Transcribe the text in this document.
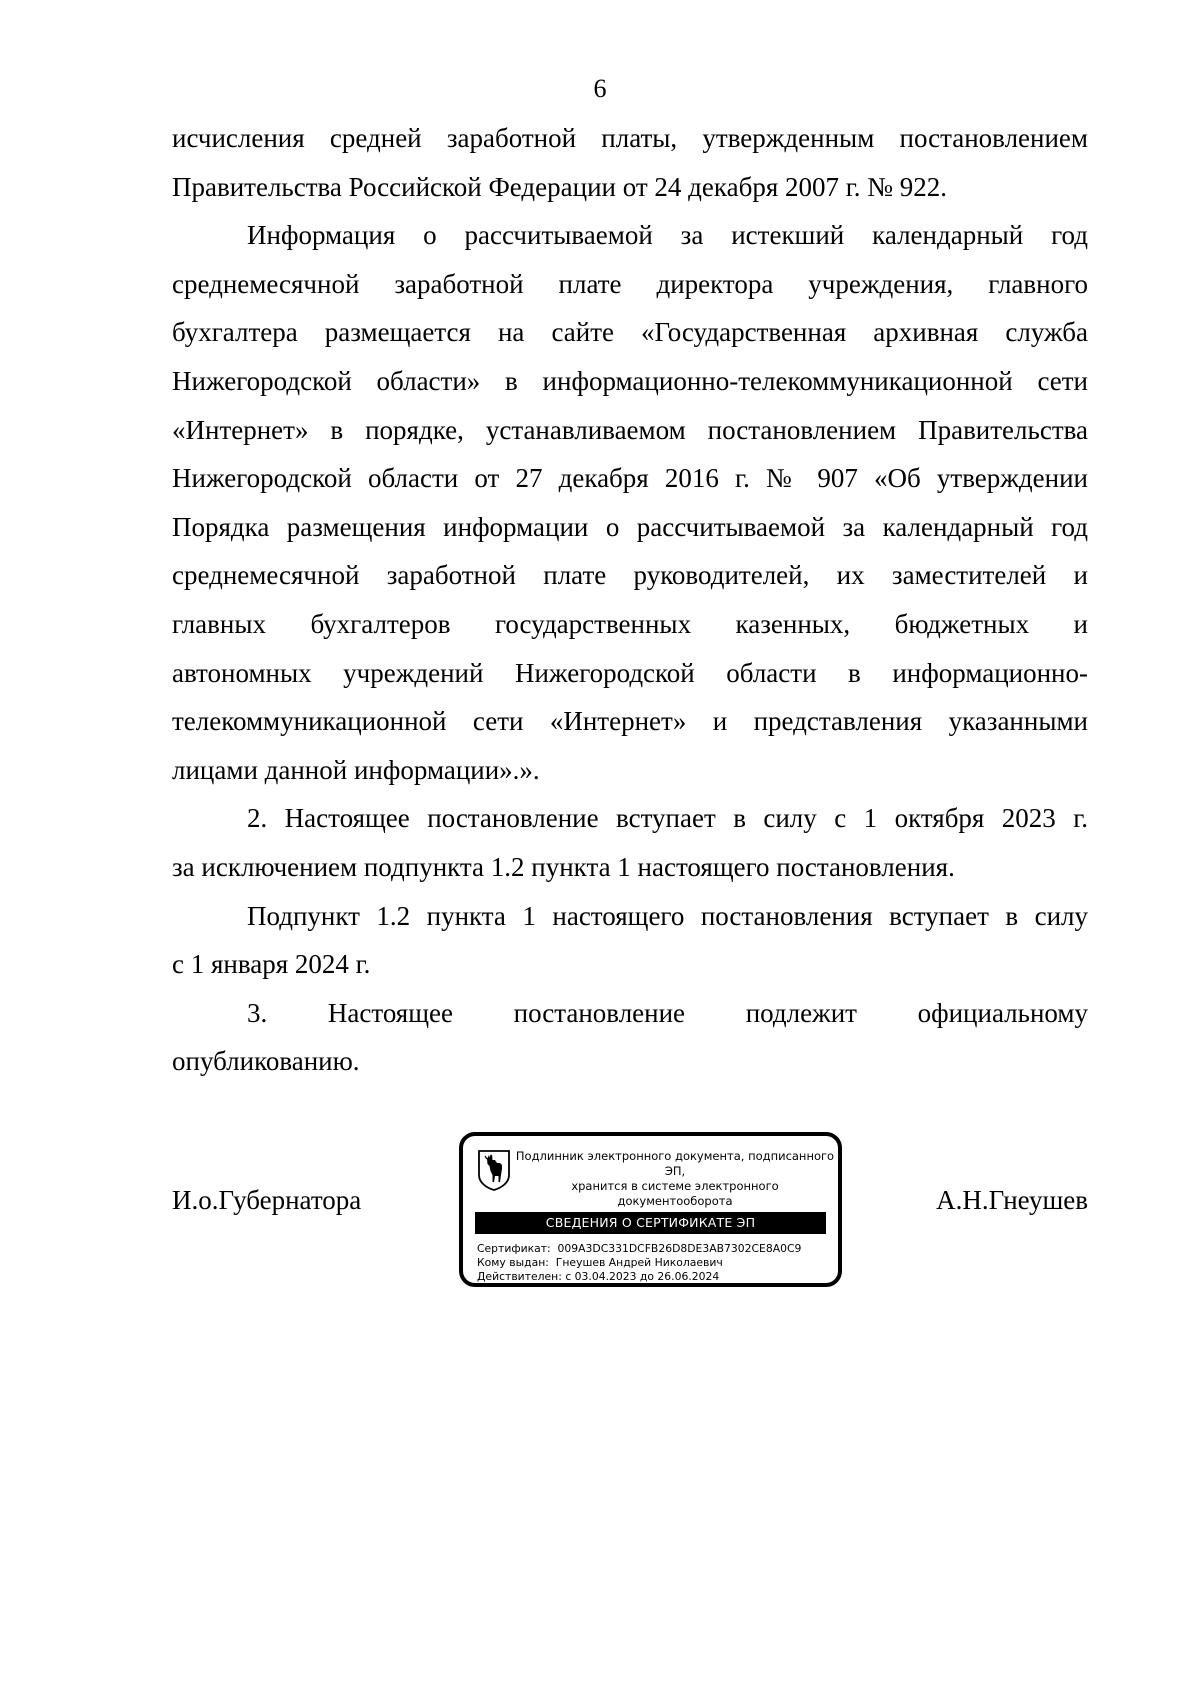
6

исчисления средней заработной платы, утвержденным постановлением
Правительства Российской Федерации от 24 декабря 2007 г. № 922.

Информация о рассчитываемой за истекший календарный год
среднемесячной заработной плате директора учреждения, главного
бухгалтера размещается на сайте «Государственная архивная служба
Нижегородской области» в информационно-телекоммуникационной сети
«Интернет» в порядке, устанавливаемом постановлением Правительства
Нижегородской области от 27 декабря 2016 г. № 907 «Об утверждении
Порядка размещения информации о рассчитываемой за календарный год
среднемесячной заработной плате руководителей, их заместителей и
главных бухгалтеров государственных казенных, бюджетных и
автономных учреждений Нижегородской области в информационно-
телекоммуникационной сети «Интернет» и представления указанными
лицами данной информации».».

2. Настоящее постановление вступает в силу с 1 октября 2023 г.
за исключением подпункта 1.2 пункта 1 настоящего постановления.

Подпункт 1.2 пункта 1 настоящего постановления вступает в силу
с 1 января 2024 г.

3. Настоящее постановление подлежит официальному
опубликованию.

И.о.Губернатора
Подлинник электронного документа, подписанного ЭП,
хранится в системе электронного документооборота
СВЕДЕНИЯ О СЕРТИФИКАТЕ ЭП
Сертификат: 009A3DC331DCFB26D8DE3AB7302CE8A0C9
Кому выдан: Гнеушев Андрей Николаевич
Действителен: с 03.04.2023 до 26.06.2024
А.Н.Гнеушев
